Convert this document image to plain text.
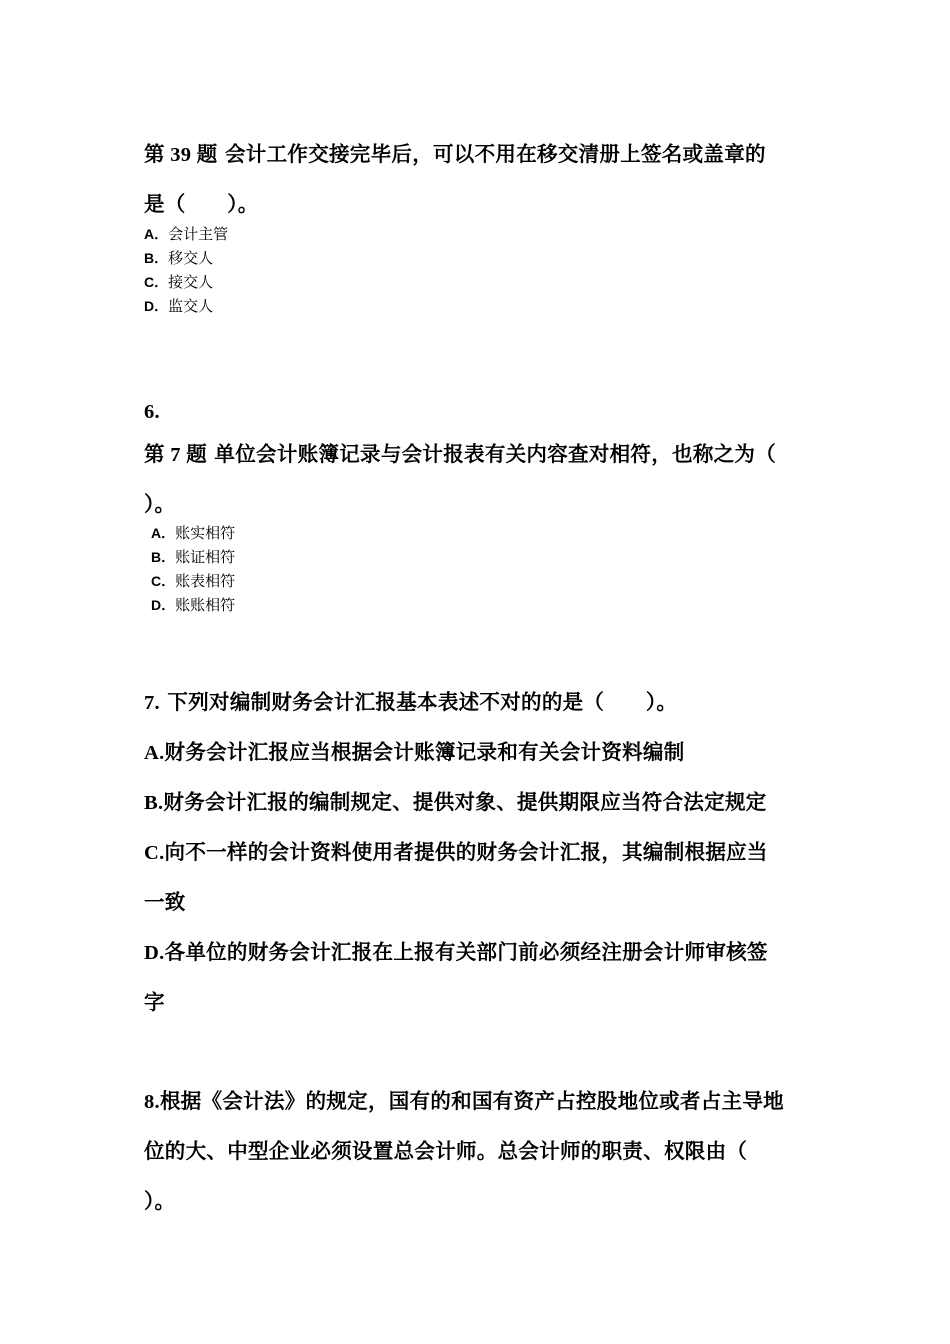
第 39 题 会计工作交接完毕后，可以不用在移交清册上签名或盖章的
是（　　）。
A．会计主管
B．移交人
C．接交人
D．监交人
6.
第 7 题 单位会计账簿记录与会计报表有关内容查对相符，也称之为（
）。
A．账实相符
B．账证相符
C．账表相符
D．账账相符
7. 下列对编制财务会计汇报基本表述不对的的是（　　）。
A.财务会计汇报应当根据会计账簿记录和有关会计资料编制
B.财务会计汇报的编制规定、提供对象、提供期限应当符合法定规定
C.向不一样的会计资料使用者提供的财务会计汇报，其编制根据应当
一致
D.各单位的财务会计汇报在上报有关部门前必须经注册会计师审核签
字
8.根据《会计法》的规定，国有的和国有资产占控股地位或者占主导地
位的大、中型企业必须设置总会计师。总会计师的职责、权限由（
）。
